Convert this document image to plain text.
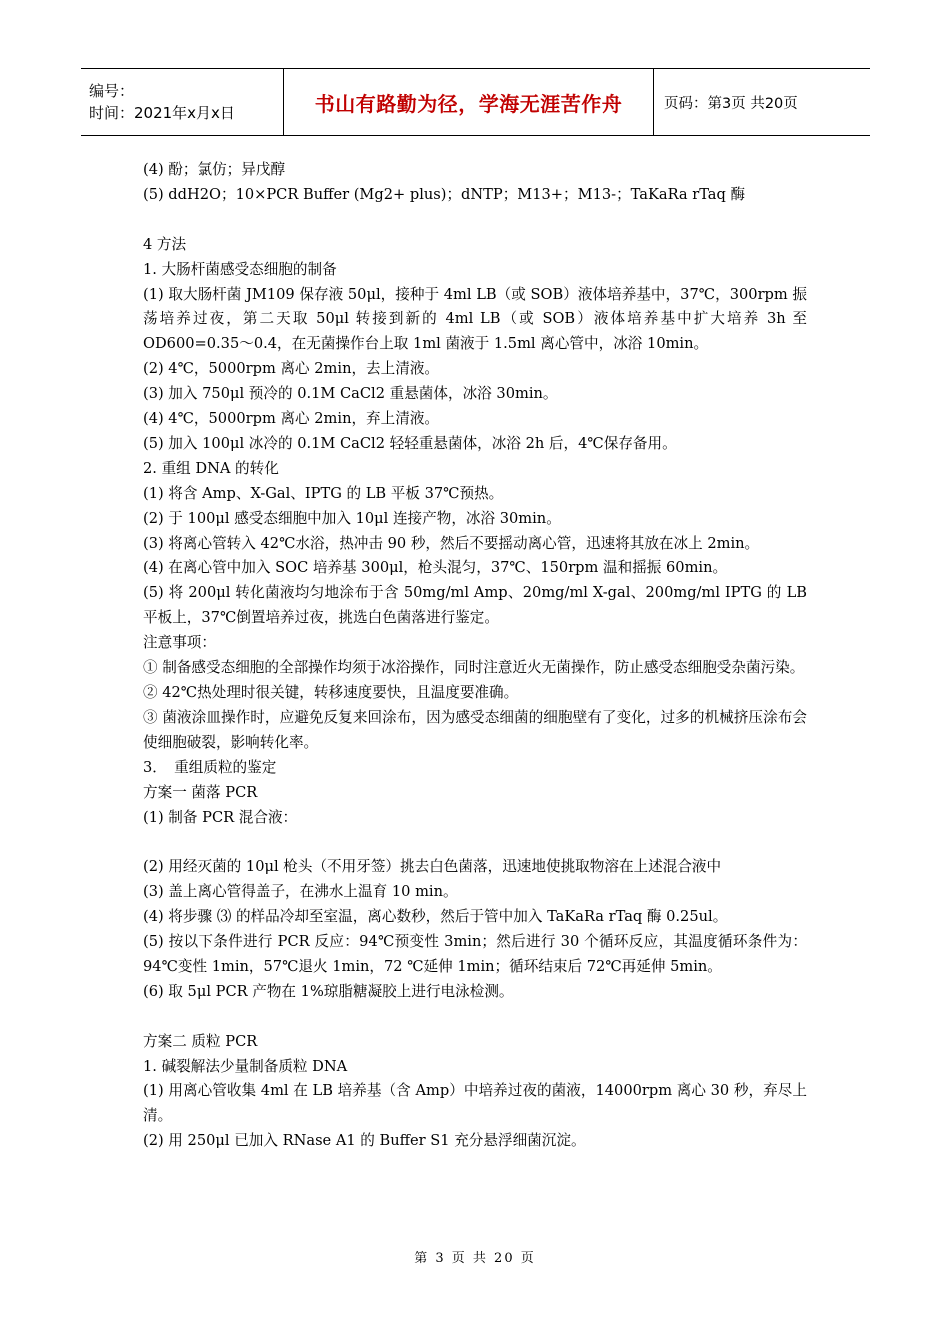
编号：
时间：2021年x月x日	书山有路勤为径，学海无涯苦作舟	页码：第3页 共20页

(4) 酚；氯仿；异戊醇

(5) ddH2O；10×PCR Buffer (Mg2+ plus)；dNTP；M13+；M13-；TaKaRa rTaq 酶

4 方法

1. 大肠杆菌感受态细胞的制备

(1) 取大肠杆菌 JM109 保存液 50μl，接种于 4ml LB（或 SOB）液体培养基中，37℃，300rpm 振荡培养过夜，第二天取 50μl 转接到新的 4ml LB（或 SOB）液体培养基中扩大培养 3h 至 OD600=0.35～0.4，在无菌操作台上取 1ml 菌液于 1.5ml 离心管中，冰浴 10min。

(2) 4℃，5000rpm 离心 2min，去上清液。

(3) 加入 750μl 预冷的 0.1M CaCl2 重悬菌体，冰浴 30min。

(4) 4℃，5000rpm 离心 2min，弃上清液。

(5) 加入 100μl 冰冷的 0.1M CaCl2 轻轻重悬菌体，冰浴 2h 后，4℃保存备用。

2. 重组 DNA 的转化

(1) 将含 Amp、X-Gal、IPTG 的 LB 平板 37℃预热。

(2) 于 100μl 感受态细胞中加入 10μl 连接产物，冰浴 30min。

(3) 将离心管转入 42℃水浴，热冲击 90 秒，然后不要摇动离心管，迅速将其放在冰上 2min。

(4) 在离心管中加入 SOC 培养基 300μl，枪头混匀，37℃、150rpm 温和摇振 60min。

(5) 将 200μl 转化菌液均匀地涂布于含 50mg/ml Amp、20mg/ml X-gal、200mg/ml IPTG 的 LB 平板上，37℃倒置培养过夜，挑选白色菌落进行鉴定。

注意事项：

① 制备感受态细胞的全部操作均须于冰浴操作，同时注意近火无菌操作，防止感受态细胞受杂菌污染。

② 42℃热处理时很关键，转移速度要快，且温度要准确。

③ 菌液涂皿操作时，应避免反复来回涂布，因为感受态细菌的细胞壁有了变化，过多的机械挤压涂布会使细胞破裂，影响转化率。

3．　重组质粒的鉴定

方案一 菌落 PCR

(1) 制备 PCR 混合液：

(2) 用经灭菌的 10μl 枪头（不用牙签）挑去白色菌落，迅速地使挑取物溶在上述混合液中

(3) 盖上离心管得盖子，在沸水上温育 10 min。

(4) 将步骤 ⑶ 的样品冷却至室温，离心数秒，然后于管中加入 TaKaRa rTaq 酶 0.25ul。

(5) 按以下条件进行 PCR 反应：94℃预变性 3min；然后进行 30 个循环反应，其温度循环条件为：94℃变性 1min，57℃退火 1min，72 ℃延伸 1min；循环结束后 72℃再延伸 5min。

(6) 取 5μl PCR 产物在 1%琼脂糖凝胶上进行电泳检测。

方案二 质粒 PCR

1. 碱裂解法少量制备质粒 DNA

(1) 用离心管收集 4ml 在 LB 培养基（含 Amp）中培养过夜的菌液，14000rpm 离心 30 秒，弃尽上清。

(2) 用 250μl 已加入 RNase A1 的 Buffer S1 充分悬浮细菌沉淀。

第 3 页 共 20 页
